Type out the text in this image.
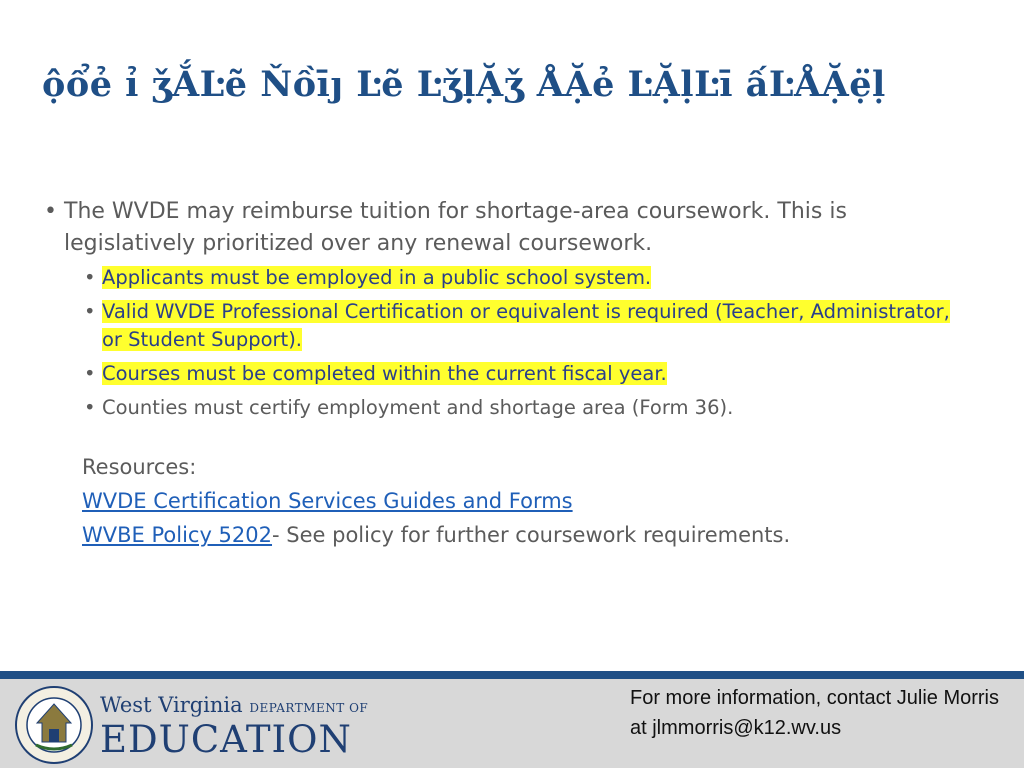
ộổẻ ỉ ǯẮĿẽ Ňồīȷ Ŀẽ ĿǯḷẶǯ ÅẶẻ ĿẶḷĿī ấĿÅẶẹ̈ḷ
• The WVDE may reimburse tuition for shortage-area coursework. This is legislatively prioritized over any renewal coursework.
• Applicants must be employed in a public school system.
• Valid WVDE Professional Certification or equivalent is required (Teacher, Administrator, or Student Support).
• Courses must be completed within the current fiscal year.
• Counties must certify employment and shortage area (Form 36).
Resources:
WVDE Certification Services Guides and Forms
WVBE Policy 5202- See policy for further coursework requirements.
West Virginia DEPARTMENT OF
EDUCATION
For more information, contact Julie Morris at jlmmorris@k12.wv.us
